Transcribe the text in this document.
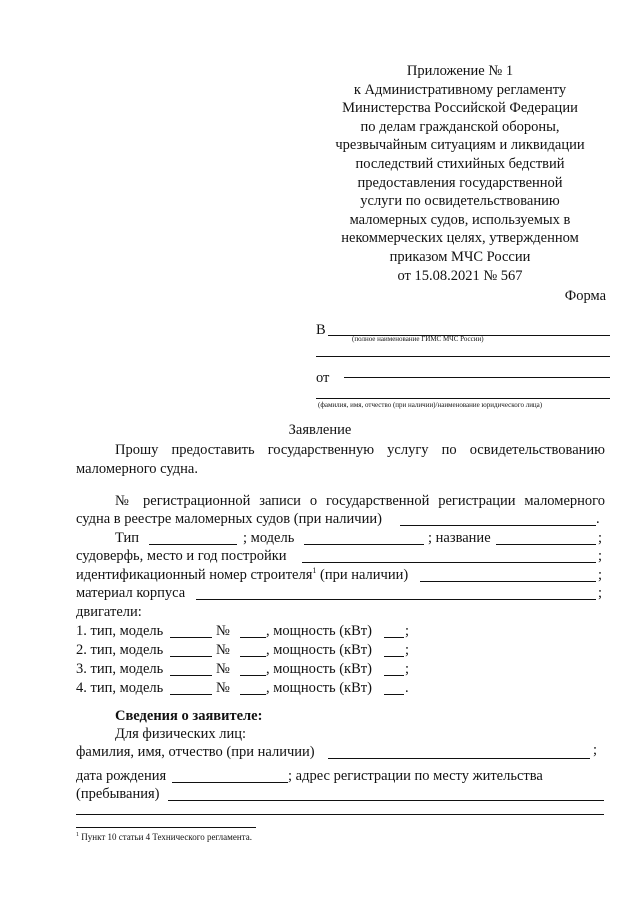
Приложение № 1
к Административному регламенту
Министерства Российской Федерации
по делам гражданской обороны,
чрезвычайным ситуациям и ликвидации
последствий стихийных бедствий
предоставления государственной
услуги по освидетельствованию
маломерных судов, используемых в
некоммерческих целях, утвержденном
приказом МЧС России
от 15.08.2021 № 567
Форма
В
(полное наименование ГИМС МЧС России)
от
(фамилия, имя, отчество (при наличии)/наименование юридического лица)
Заявление
Прошу предоставить государственную услугу по освидетельствованию
маломерного судна.
№ регистрационной записи о государственной регистрации маломерного
судна в реестре маломерных судов (при наличии)	.
Тип	; модель	; название	;
судоверфь, место и год постройки	;
идентификационный номер строителя$^1$ (при наличии)	;
материал корпуса	;
двигатели:
1. тип, модель	№ , мощность (кВт) ;
2. тип, модель	№ , мощность (кВт) ;
3. тип, модель	№ , мощность (кВт) ;
4. тип, модель	№ , мощность (кВт) .
Сведения о заявителе:
Для физических лиц:
фамилия, имя, отчество (при наличии)	;
дата рождения	; адрес регистрации по месту жительства
(пребывания)
$^1$ Пункт 10 статьи 4 Технического регламента.
